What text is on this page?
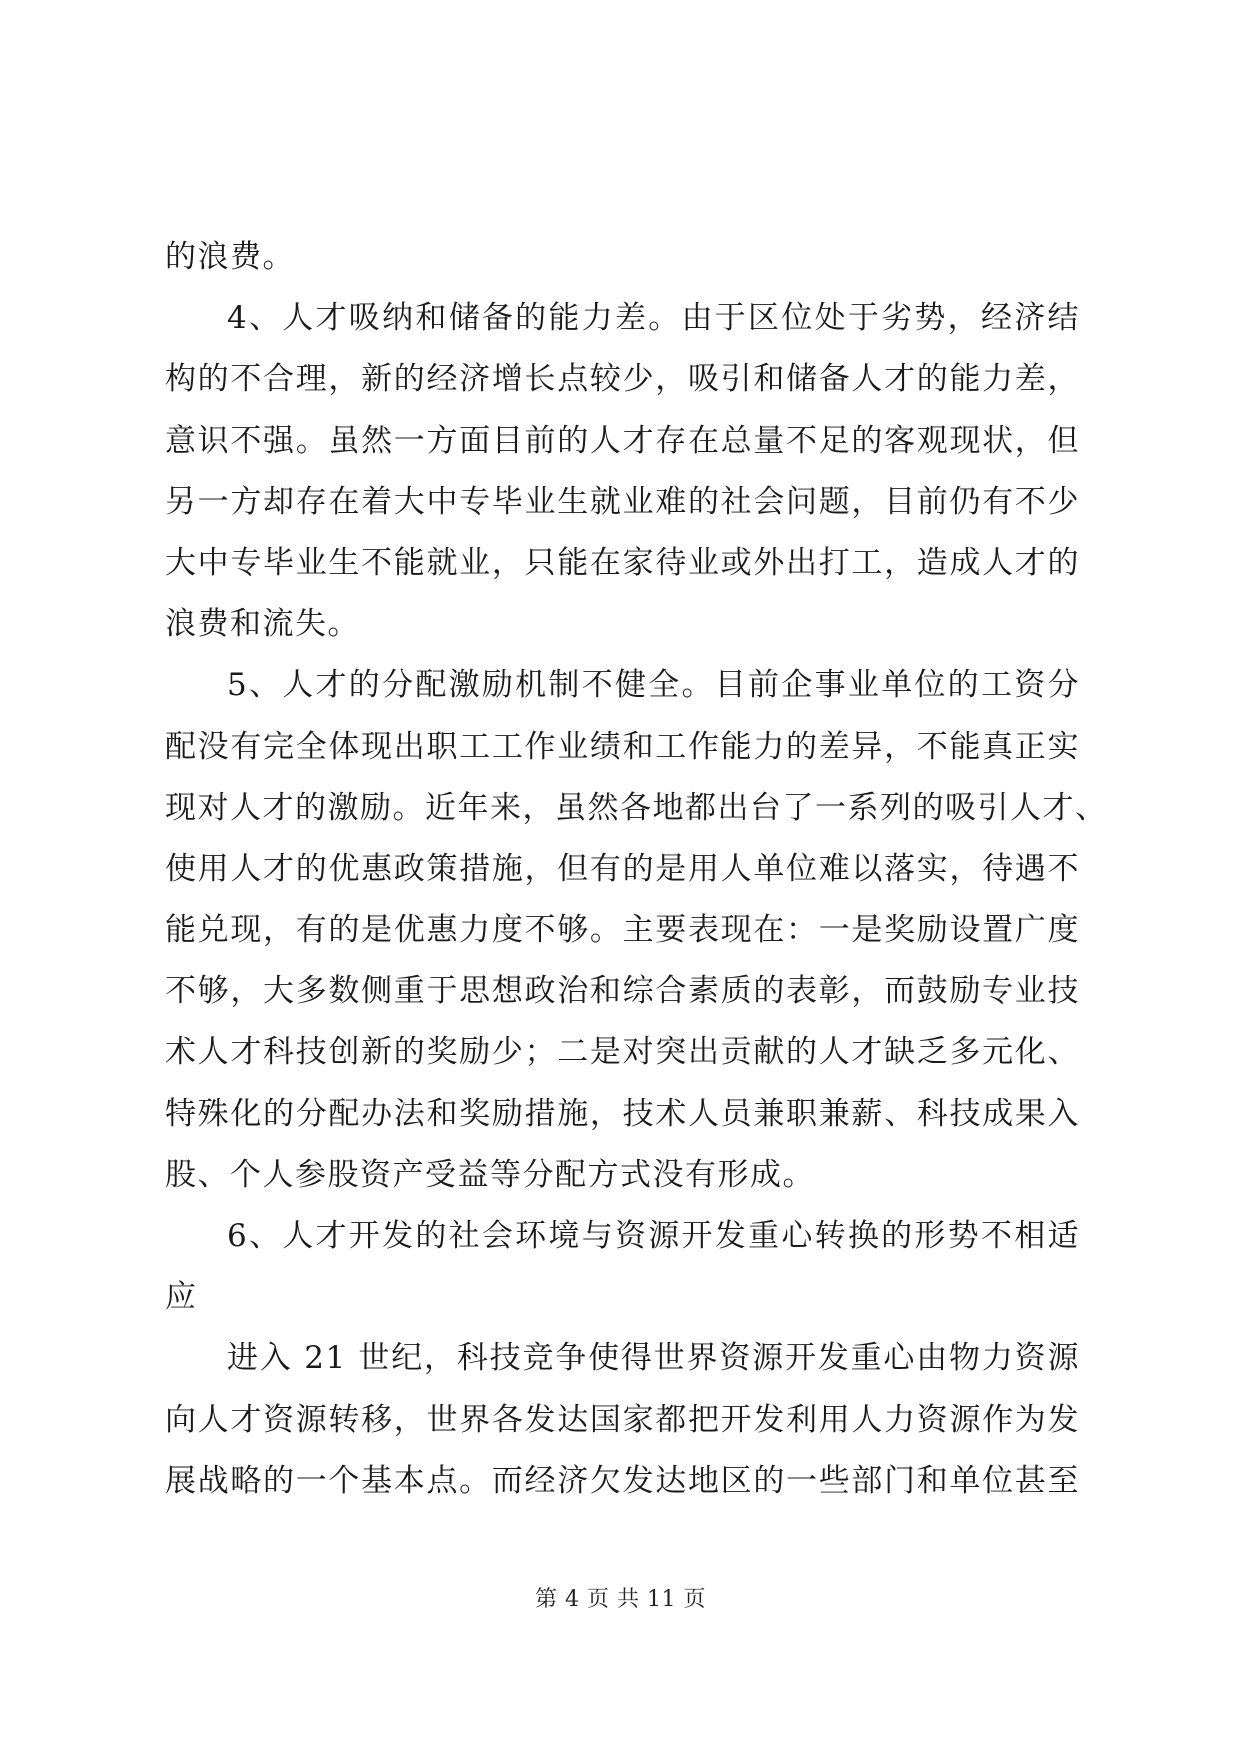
的浪费。
4、人才吸纳和储备的能力差。由于区位处于劣势，经济结
构的不合理，新的经济增长点较少，吸引和储备人才的能力差，
意识不强。虽然一方面目前的人才存在总量不足的客观现状，但
另一方却存在着大中专毕业生就业难的社会问题，目前仍有不少
大中专毕业生不能就业，只能在家待业或外出打工，造成人才的
浪费和流失。
5、人才的分配激励机制不健全。目前企事业单位的工资分
配没有完全体现出职工工作业绩和工作能力的差异，不能真正实
现对人才的激励。近年来，虽然各地都出台了一系列的吸引人才、
使用人才的优惠政策措施，但有的是用人单位难以落实，待遇不
能兑现，有的是优惠力度不够。主要表现在：一是奖励设置广度
不够，大多数侧重于思想政治和综合素质的表彰，而鼓励专业技
术人才科技创新的奖励少；二是对突出贡献的人才缺乏多元化、
特殊化的分配办法和奖励措施，技术人员兼职兼薪、科技成果入
股、个人参股资产受益等分配方式没有形成。
6、人才开发的社会环境与资源开发重心转换的形势不相适
应
进入 21 世纪，科技竞争使得世界资源开发重心由物力资源
向人才资源转移，世界各发达国家都把开发利用人力资源作为发
展战略的一个基本点。而经济欠发达地区的一些部门和单位甚至
第 4 页 共 11 页
